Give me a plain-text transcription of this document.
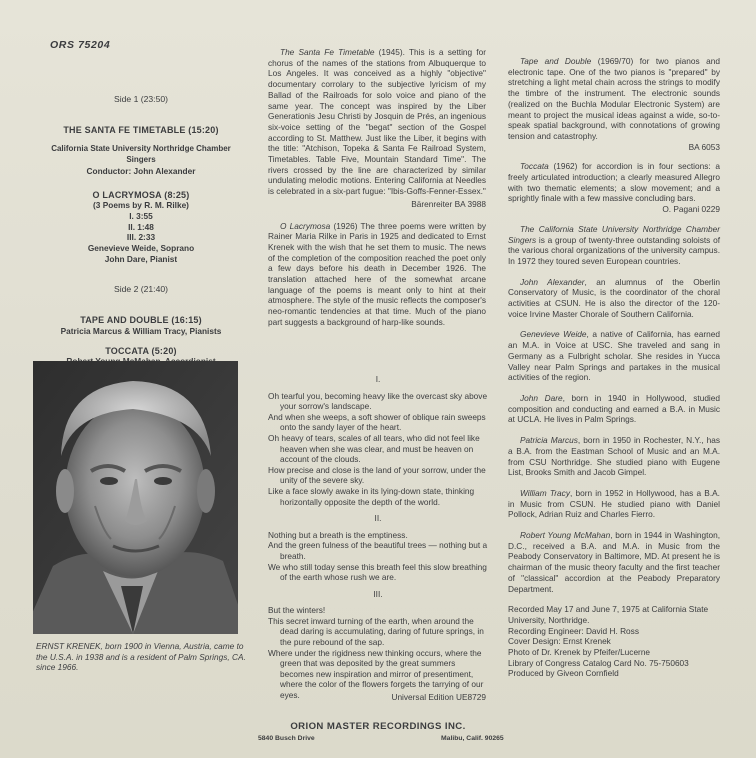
ORS 75204
Side 1 (23:50)
THE SANTA FE TIMETABLE (15:20)
California State University Northridge Chamber Singers
Conductor: John Alexander
O LACRYMOSA (8:25)
(3 Poems by R. M. Rilke)
I. 3:55
II. 1:48
III. 2:33
Genevieve Weide, Soprano
John Dare, Pianist
Side 2 (21:40)
TAPE AND DOUBLE (16:15)
Patricia Marcus & William Tracy, Pianists
TOCCATA (5:20)
ERNST KRENEK, born 1900 in Vienna, Austria, came to the U.S.A. in 1938 and is a resident of Palm Springs, CA. since 1966.

The Santa Fe Timetable (1945). This is a setting for chorus of the names of the stations from Albuquerque to Los Angeles. It was conceived as a highly "objective" documentary corrolary to the subjective lyricism of my Ballad of the Railroads for solo voice and piano of the same year. The concept was inspired by the Liber Generationis Jesu Christi by Josquin de Prés, an ingenious six-voice setting of the "begat" section of the Gospel according to St. Matthew. Just like the Liber, it begins with the title: "Atchison, Topeka & Santa Fe Railroad System, Timetables. Table Five, Mountain Standard Time". The rivers crossed by the line are characterized by similar undulating melodic motions. Entering California at Needles is celebrated in a six-part fugue: "Ibis-Goffs-Fenner-Essex."

Bärenreiter BA 3988

O Lacrymosa (1926) The three poems were written by Rainer Maria Rilke in Paris in 1925 and dedicated to Ernst Krenek with the wish that he set them to music. The news of the completion of the composition reached the poet only a few days before his death in December 1926. The translation attached here of the somewhat arcane language of the poems is meant only to hint at their atmosphere. The style of the music reflects the composer's neo-romantic tendencies at that time. Much of the piano part suggests a background of harp-like sounds.

I.
Oh tearful you, becoming heavy like the overcast sky above your sorrow's landscape.
And when she weeps, a soft shower of oblique rain sweeps onto the sandy layer of the heart.
Oh heavy of tears, scales of all tears, who did not feel like heaven when she was clear, and must be heaven on account of the clouds.
How precise and close is the land of your sorrow, under the unity of the severe sky.
Like a face slowly awake in its lying-down state, thinking horizontally opposite the depth of the world.
II.
Nothing but a breath is the emptiness.
And the green fulness of the beautiful trees — nothing but a breath.
We who still today sense this breath feel this slow breathing of the earth whose rush we are.
III.
But the winters!
This secret inward turning of the earth, when around the dead daring is accumulating, daring of future springs, in the pure rebound of the sap.
Where under the rigidness new thinking occurs, where the green that was deposited by the great summers becomes new inspiration and mirror of presentiment, where the color of the flowers forgets the tarrying of our eyes.	Universal Edition UE8729

Tape and Double (1969/70) for two pianos and electronic tape. One of the two pianos is "prepared" by stretching a light metal chain across the strings to modify the timbre of the instrument. The electronic sounds (realized on the Buchla Modular Electronic System) are meant to project the musical ideas against a wide, so-to-speak spatial background, with connotations of growing tension and catastrophy.

BA 6053

Toccata (1962) for accordion is in four sections: a freely articulated introduction; a clearly measured Allegro with two thematic elements; a slow movement; and a sprightly finale with a few massive concluding bars.

O. Pagani 0229

The California State University Northridge Chamber Singers is a group of twenty-three outstanding soloists of the various choral organizations of the university campus. In 1972 they toured seven European countries.

John Alexander, an alumnus of the Oberlin Conservatory of Music, is the coordinator of the choral activities at CSUN. He is also the director of the 120-voice Irvine Master Chorale of Southern California.

Genevieve Weide, a native of California, has earned an M.A. in Voice at USC. She traveled and sang in Germany as a Fulbright scholar. She resides in Yucca Valley near Palm Springs and partakes in the musical activities of the region.

John Dare, born in 1940 in Hollywood, studied composition and conducting and earned a B.A. in Music at UCLA. He lives in Palm Springs.

Patricia Marcus, born in 1950 in Rochester, N.Y., has a B.A. from the Eastman School of Music and an M.A. from CSU Northridge. She studied piano with Eugene List, Brooks Smith and Jacob Gimpel.

William Tracy, born in 1952 in Hollywood, has a B.A. in Music from CSUN. He studied piano with Daniel Pollock, Adrian Ruiz and Charles Fierro.

Robert Young McMahan, born in 1944 in Washington, D.C., received a B.A. and M.A. in Music from the Peabody Conservatory in Baltimore, MD. At present he is chairman of the music theory faculty and the first teacher of "classical" accordion at the Peabody Preparatory Department.

Recorded May 17 and June 7, 1975 at California State University, Northridge.
Recording Engineer: David H. Ross
Cover Design: Ernst Krenek
Photo of Dr. Krenek by Pfeifer/Lucerne
Library of Congress Catalog Card No. 75-750603
Produced by Giveon Cornfield
ORION MASTER RECORDINGS INC.
5840 Busch Drive	Malibu, Calif. 90265
